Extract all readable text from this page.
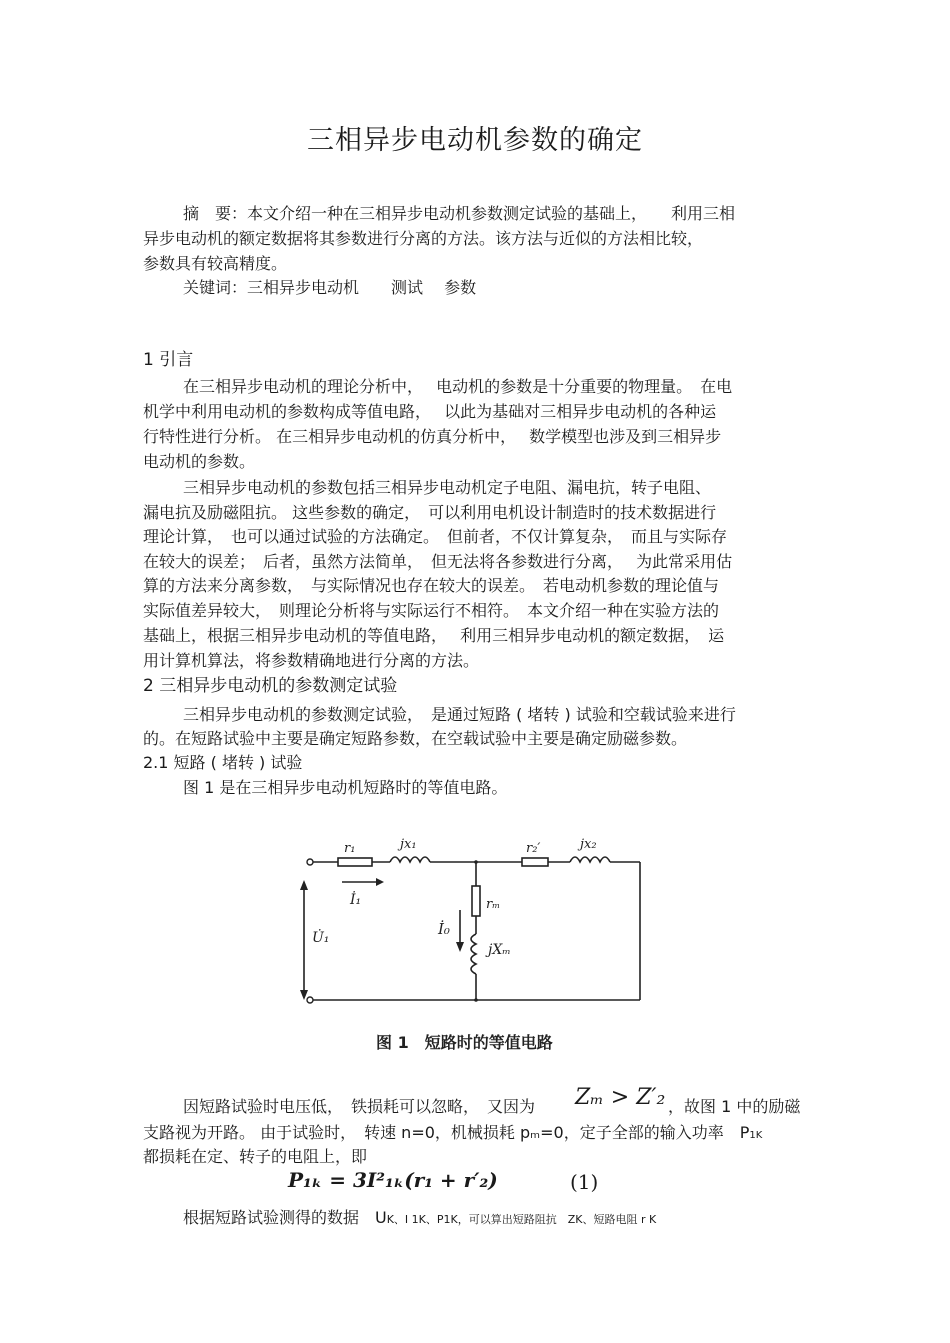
三相异步电动机参数的确定
摘　要：本文介绍一种在三相异步电动机参数测定试验的基础上，　　利用三相
异步电动机的额定数据将其参数进行分离的方法。该方法与近似的方法相比较，
参数具有较高精度。
关键词：三相异步电动机　　测试　 参数
1 引言
在三相异步电动机的理论分析中，　 电动机的参数是十分重要的物理量。　在电
机学中利用电动机的参数构成等值电路，　 以此为基础对三相异步电动机的各种运
行特性进行分析。 在三相异步电动机的仿真分析中，　 数学模型也涉及到三相异步
电动机的参数。
三相异步电动机的参数包括三相异步电动机定子电阻、漏电抗，转子电阻、
漏电抗及励磁阻抗。 这些参数的确定，　可以利用电机设计制造时的技术数据进行
理论计算，　也可以通过试验的方法确定。　但前者，不仅计算复杂，　而且与实际存
在较大的误差；　后者，虽然方法简单，　但无法将各参数进行分离，　 为此常采用估
算的方法来分离参数，　与实际情况也存在较大的误差。　若电动机参数的理论值与
实际值差异较大，　则理论分析将与实际运行不相符。　本文介绍一种在实验方法的
基础上，根据三相异步电动机的等值电路，　 利用三相异步电动机的额定数据，　运
用计算机算法，将参数精确地进行分离的方法。
2 三相异步电动机的参数测定试验
三相异步电动机的参数测定试验，　是通过短路 ( 堵转 ) 试验和空载试验来进行
的。在短路试验中主要是确定短路参数，在空载试验中主要是确定励磁参数。
2.1 短路 ( 堵转 ) 试验
图 1 是在三相异步电动机短路时的等值电路。
r₁	jx₁	r₂′	jx₂
İ₁
U̇₁	İ₀
rₘ
jXₘ
图 1　短路时的等值电路
因短路试验时电压低，　铁损耗可以忽略，　又因为 Zₘ > Z′₂ ，故图 1 中的励磁
支路视为开路。 由于试验时，　转速 n=0，机械损耗 pₘ=0，定子全部的输入功率　P1K
都损耗在定、转子的电阻上，即
P₁ₖ = 3I²₁ₖ(r₁ + r′₂)	(1)
根据短路试验测得的数据　UK、I 1K、P1K，可以算出短路阻抗　ZK、短路电阻 r K
